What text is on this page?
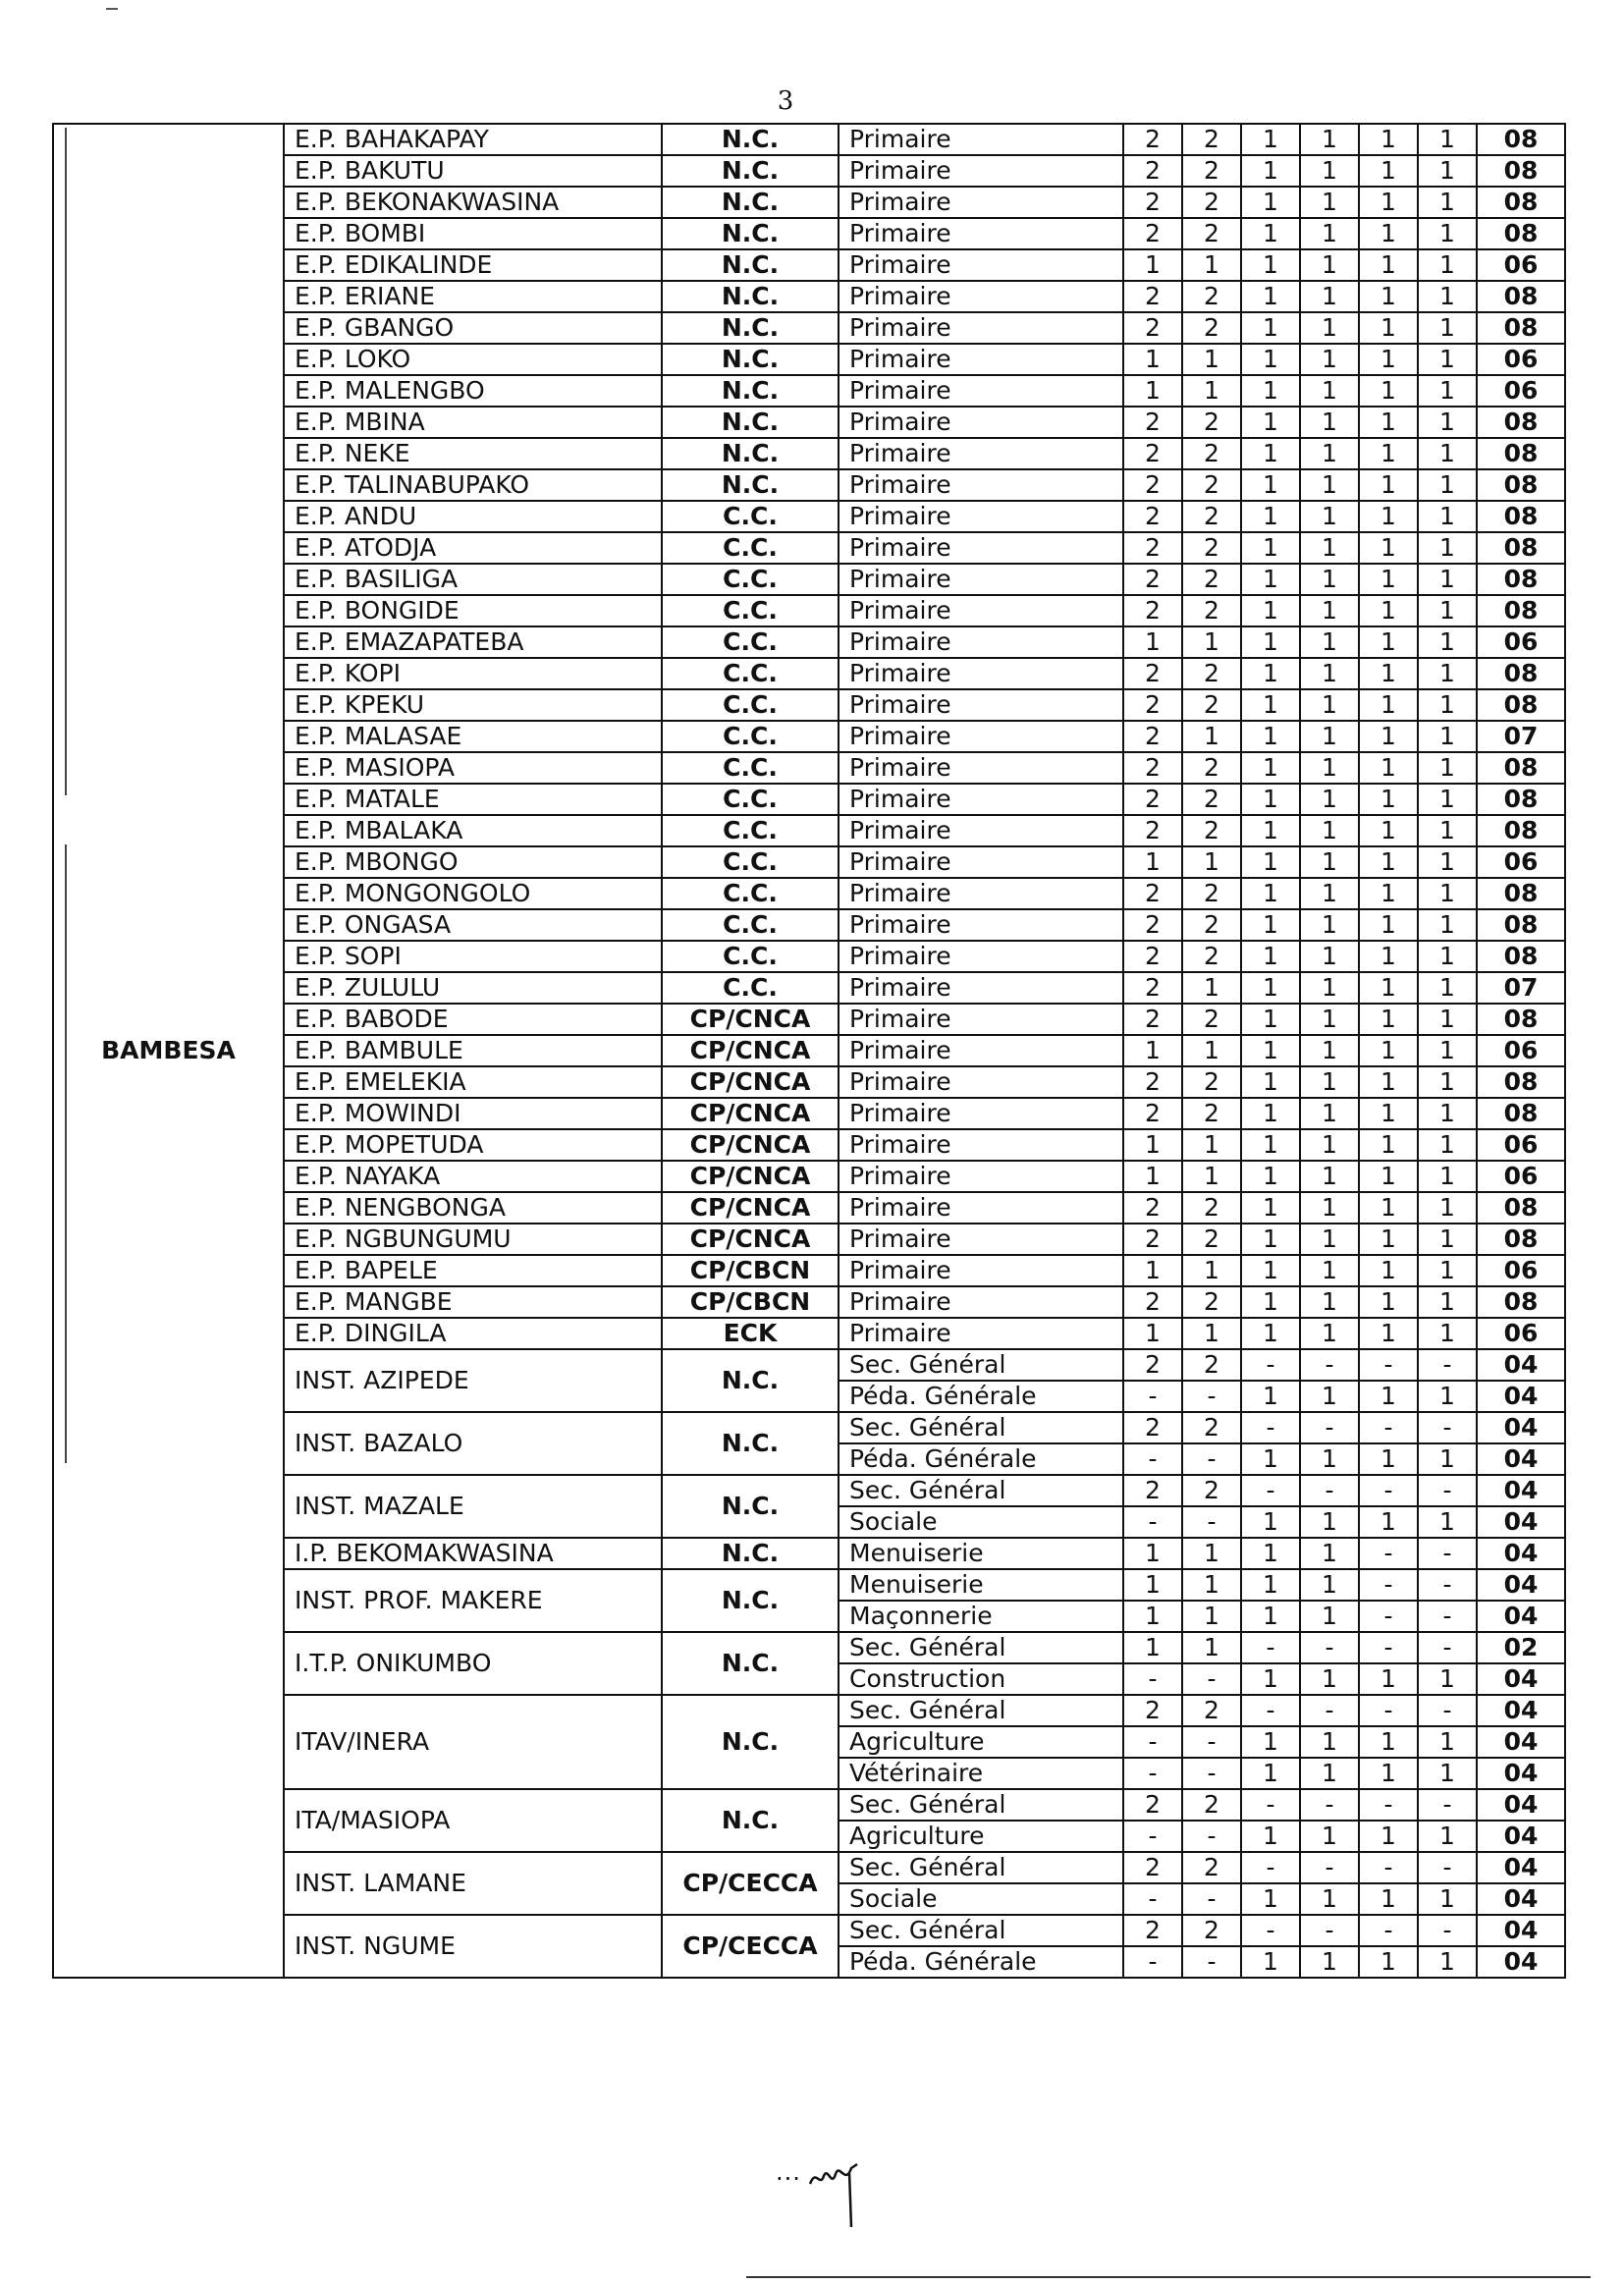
3
BAMBESA	E.P. BAHAKAPAY	N.C.	Primaire	2	2	1	1	1	1	08
	E.P. BAKUTU	N.C.	Primaire	2	2	1	1	1	1	08
	E.P. BEKONAKWASINA	N.C.	Primaire	2	2	1	1	1	1	08
	E.P. BOMBI	N.C.	Primaire	2	2	1	1	1	1	08
	E.P. EDIKALINDE	N.C.	Primaire	1	1	1	1	1	1	06
	E.P. ERIANE	N.C.	Primaire	2	2	1	1	1	1	08
	E.P. GBANGO	N.C.	Primaire	2	2	1	1	1	1	08
	E.P. LOKO	N.C.	Primaire	1	1	1	1	1	1	06
	E.P. MALENGBO	N.C.	Primaire	1	1	1	1	1	1	06
	E.P. MBINA	N.C.	Primaire	2	2	1	1	1	1	08
	E.P. NEKE	N.C.	Primaire	2	2	1	1	1	1	08
	E.P. TALINABUPAKO	N.C.	Primaire	2	2	1	1	1	1	08
	E.P. ANDU	C.C.	Primaire	2	2	1	1	1	1	08
	E.P. ATODJA	C.C.	Primaire	2	2	1	1	1	1	08
	E.P. BASILIGA	C.C.	Primaire	2	2	1	1	1	1	08
	E.P. BONGIDE	C.C.	Primaire	2	2	1	1	1	1	08
	E.P. EMAZAPATEBA	C.C.	Primaire	1	1	1	1	1	1	06
	E.P. KOPI	C.C.	Primaire	2	2	1	1	1	1	08
	E.P. KPEKU	C.C.	Primaire	2	2	1	1	1	1	08
	E.P. MALASAE	C.C.	Primaire	2	1	1	1	1	1	07
	E.P. MASIOPA	C.C.	Primaire	2	2	1	1	1	1	08
	E.P. MATALE	C.C.	Primaire	2	2	1	1	1	1	08
	E.P. MBALAKA	C.C.	Primaire	2	2	1	1	1	1	08
	E.P. MBONGO	C.C.	Primaire	1	1	1	1	1	1	06
	E.P. MONGONGOLO	C.C.	Primaire	2	2	1	1	1	1	08
	E.P. ONGASA	C.C.	Primaire	2	2	1	1	1	1	08
	E.P. SOPI	C.C.	Primaire	2	2	1	1	1	1	08
	E.P. ZULULU	C.C.	Primaire	2	1	1	1	1	1	07
	E.P. BABODE	CP/CNCA	Primaire	2	2	1	1	1	1	08
	E.P. BAMBULE	CP/CNCA	Primaire	1	1	1	1	1	1	06
	E.P. EMELEKIA	CP/CNCA	Primaire	2	2	1	1	1	1	08
	E.P. MOWINDI	CP/CNCA	Primaire	2	2	1	1	1	1	08
	E.P. MOPETUDA	CP/CNCA	Primaire	1	1	1	1	1	1	06
	E.P. NAYAKA	CP/CNCA	Primaire	1	1	1	1	1	1	06
	E.P. NENGBONGA	CP/CNCA	Primaire	2	2	1	1	1	1	08
	E.P. NGBUNGUMU	CP/CNCA	Primaire	2	2	1	1	1	1	08
	E.P. BAPELE	CP/CBCN	Primaire	1	1	1	1	1	1	06
	E.P. MANGBE	CP/CBCN	Primaire	2	2	1	1	1	1	08
	E.P. DINGILA	ECK	Primaire	1	1	1	1	1	1	06
	INST. AZIPEDE	N.C.	Sec. Général	2	2	-	-	-	-	04
			Péda. Générale	-	-	1	1	1	1	04
	INST. BAZALO	N.C.	Sec. Général	2	2	-	-	-	-	04
			Péda. Générale	-	-	1	1	1	1	04
	INST. MAZALE	N.C.	Sec. Général	2	2	-	-	-	-	04
			Sociale	-	-	1	1	1	1	04
	I.P. BEKOMAKWASINA	N.C.	Menuiserie	1	1	1	1	-	-	04
	INST. PROF. MAKERE	N.C.	Menuiserie	1	1	1	1	-	-	04
			Maçonnerie	1	1	1	1	-	-	04
	I.T.P. ONIKUMBO	N.C.	Sec. Général	1	1	-	-	-	-	02
			Construction	-	-	1	1	1	1	04
	ITAV/INERA	N.C.	Sec. Général	2	2	-	-	-	-	04
			Agriculture	-	-	1	1	1	1	04
			Vétérinaire	-	-	1	1	1	1	04
	ITA/MASIOPA	N.C.	Sec. Général	2	2	-	-	-	-	04
			Agriculture	-	-	1	1	1	1	04
	INST. LAMANE	CP/CECCA	Sec. Général	2	2	-	-	-	-	04
			Sociale	-	-	1	1	1	1	04
	INST. NGUME	CP/CECCA	Sec. Général	2	2	-	-	-	-	04
			Péda. Générale	-	-	1	1	1	1	04
...
